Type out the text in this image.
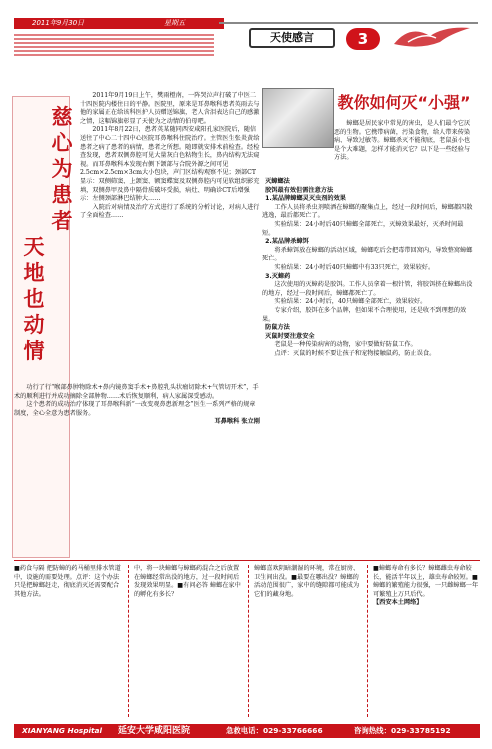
2011年9月30日	星期五
天使感言	3
慈心为患者
天地也动情

2011年9月19日上午，樊雨橙南，一阵哭泣声打破了中医二十四医院内楼住日的平静。医院里，原来是耳鼻喉科患者英雨去与他的家属正在给该科医护人员赠送锦旗，老人含泪表达自己的感激之情，这幅锦旗彰显了天使为之动情的伯母吧。

2011年8月22日，患者英某随同西安咸阳孔家医院后，随信送往了中心二十四中心医院耳鼻喉科住院治疗。主管医生张炎黄给患者之病了患者的病情，患者之所想。随即就安排术前检查。经检查发现，患者双侧鼻腔可见大量灰白色粘物生长，鼻内结构无法窥视。而耳鼻喉科本发现右侧下颌部与合院外源之间可见2.5cm×2.5cm×3cm大小包块，声门区结构观察不见；颈部CT显示：双侧筛窦、上颌窦、额窦蝶窦及双侧鼻腔内可见软组织影充填，双侧鼻甲及鼻中隔骨质破坏受损，病灶、明确诊CT后增强示：左侧颈部淋巴结肿大……

入院后对病情及治疗方式进行了系统的分析讨论，对病人进行了全面检查……

功行了行“喉部鼻肿物除术+鼻内镜鼻窦手术+鼻腔乳头状瘤切除术+气管切开术”，手术的顺利进行并成功摘除全部肿物……术后恢复顺利，病人家属深受感动。

这个患者的成功治疗体现了耳鼻喉科新“一改变观鼻患新理念”医生一系列严格的规章制度，全心全意为患者服务。

耳鼻喉科 张立刚
教你如何灭“小强”

蟑螂是居民家中常见的害虫，是人们最令它厌恶的生物。它携带病菌，污染食物，给人带来传染病、导致过敏等。蟑螂杀灭不能彻底，老鼠虽小也是个大难题，怎样才能消灭它？以下是一些经验与方法。

灭蟑螂法
胶饵最有效但需注意方法
1.某品牌蟑螂灵灭虫剂的效果

工作人员将杀虫剂喷洒在蟑螂的聚集点上，经过一段时间后，蟑螂都四散逃逸，最后都死亡了。

实验结果：24小时后40只蟑螂全部死亡，灭蟑效果最好，灭杀时间最短。

2.某品牌杀蟑饵

将杀蟑饵放在蟑螂的活动区域，蟑螂吃后会把毒带回窝内，导致整窝蟑螂死亡。

实验结果：24小时后40只蟑螂中有33只死亡，效果较好。

3.灭蟑药

这次使用的灭蟑药是胶饵。工作人员拿着一根针管，将胶饵挤在蟑螂出没的地方，经过一段时间后，蟑螂都死亡了。

实验结果：24小时后，40只蟑螂全部死亡，效果较好。

专家介绍，胶饵在多个品牌，但如果不合理使用，还是收不到理想的效果。

防鼠方法
灭鼠时要注意安全

老鼠是一种传染病害的动物，家中要做好防鼠工作。

点评：灭鼠的时候不要让孩子和宠物接触鼠药，防止误食。

■药食与隔 把防蟑的药马桶里排水管道中，设施的需要处理。点评：这个办法只是把蟑螂赶走，彻底消灭还需要配合其他方法。
中，将一块蟑螂与蟑螂药混合之后放置在蟑螂经常出没的地方，过一段时间后发现效果明显。■有问必答 蟑螂在家中的孵化有多长？
蟑螂喜欢阴暗潮湿的环境，常在厨房、卫生间出没。■最要在哪出没？蟑螂的活动范围很广，家中的缝隙都可能成为它们的藏身地。
■蟑螂寿命有多长？蟑螂雌虫寿命较长，能活半年以上，雄虫寿命较短。■蟑螂的繁殖能力很强，一只雌蟑螂一年可繁殖上万只后代。 【西安本土网络】
XIANYANG Hospital 延安大学咸阳医院	急救电话：029-33766666	咨询热线：029-33785192
